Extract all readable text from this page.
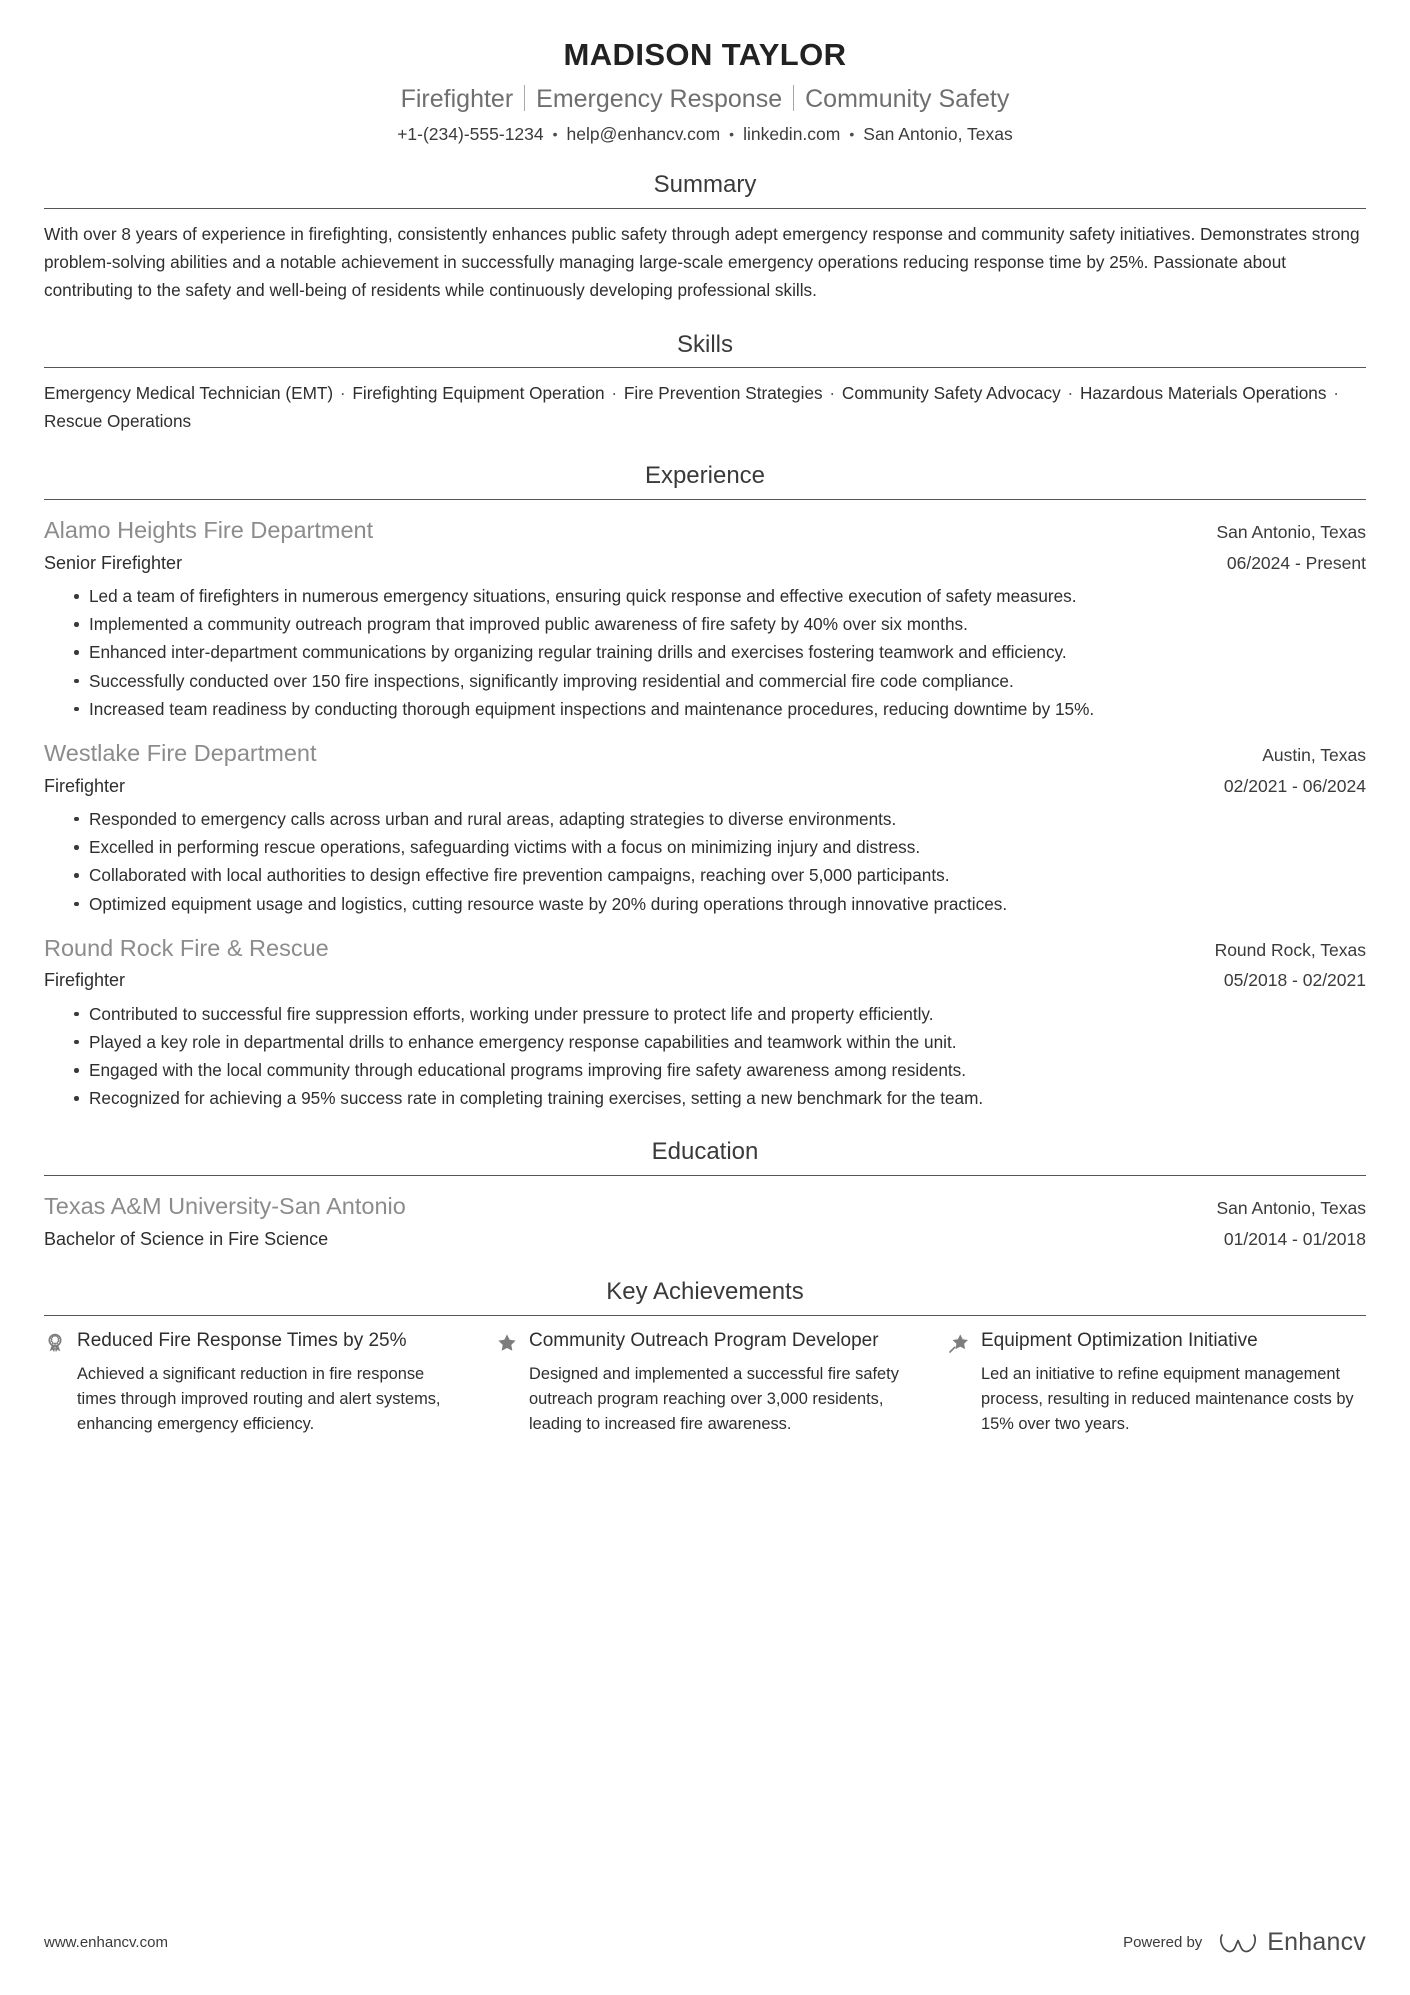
MADISON TAYLOR
Firefighter Emergency Response Community Safety
+1-(234)-555-1234 • help@enhancv.com • linkedin.com • San Antonio, Texas
Summary
With over 8 years of experience in firefighting, consistently enhances public safety through adept emergency response and community safety initiatives. Demonstrates strong problem-solving abilities and a notable achievement in successfully managing large-scale emergency operations reducing response time by 25%. Passionate about contributing to the safety and well-being of residents while continuously developing professional skills.
Skills
Emergency Medical Technician (EMT) · Firefighting Equipment Operation · Fire Prevention Strategies · Community Safety Advocacy · Hazardous Materials Operations · Rescue Operations
Experience
Alamo Heights Fire Department	San Antonio, Texas
Senior Firefighter	06/2024 - Present
Led a team of firefighters in numerous emergency situations, ensuring quick response and effective execution of safety measures.
Implemented a community outreach program that improved public awareness of fire safety by 40% over six months.
Enhanced inter-department communications by organizing regular training drills and exercises fostering teamwork and efficiency.
Successfully conducted over 150 fire inspections, significantly improving residential and commercial fire code compliance.
Increased team readiness by conducting thorough equipment inspections and maintenance procedures, reducing downtime by 15%.
Westlake Fire Department	Austin, Texas
Firefighter	02/2021 - 06/2024
Responded to emergency calls across urban and rural areas, adapting strategies to diverse environments.
Excelled in performing rescue operations, safeguarding victims with a focus on minimizing injury and distress.
Collaborated with local authorities to design effective fire prevention campaigns, reaching over 5,000 participants.
Optimized equipment usage and logistics, cutting resource waste by 20% during operations through innovative practices.
Round Rock Fire & Rescue	Round Rock, Texas
Firefighter	05/2018 - 02/2021
Contributed to successful fire suppression efforts, working under pressure to protect life and property efficiently.
Played a key role in departmental drills to enhance emergency response capabilities and teamwork within the unit.
Engaged with the local community through educational programs improving fire safety awareness among residents.
Recognized for achieving a 95% success rate in completing training exercises, setting a new benchmark for the team.
Education
Texas A&M University-San Antonio	San Antonio, Texas
Bachelor of Science in Fire Science	01/2014 - 01/2018
Key Achievements
Reduced Fire Response Times by 25%
Achieved a significant reduction in fire response times through improved routing and alert systems, enhancing emergency efficiency.
Community Outreach Program Developer
Designed and implemented a successful fire safety outreach program reaching over 3,000 residents, leading to increased fire awareness.
Equipment Optimization Initiative
Led an initiative to refine equipment management process, resulting in reduced maintenance costs by 15% over two years.
www.enhancv.com	Powered by	Enhancv
